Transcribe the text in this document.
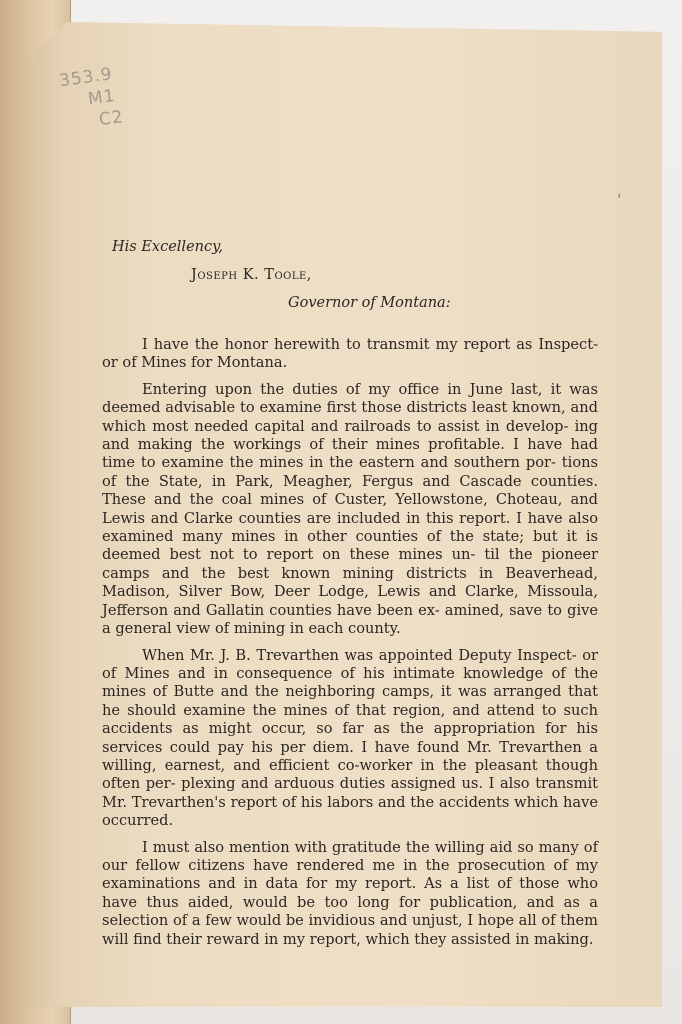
353.9
M1
C2
'
His Excellency,
Joseph K. Toole,
Governor of Montana:

I have the honor herewith to transmit my report as Inspect- or of Mines for Montana.

Entering upon the duties of my office in June last, it was deemed advisable to examine first those districts least known, and which most needed capital and railroads to assist in develop- ing and making the workings of their mines profitable. I have had time to examine the mines in the eastern and southern por- tions of the State, in Park, Meagher, Fergus and Cascade counties. These and the coal mines of Custer, Yellowstone, Choteau, and Lewis and Clarke counties are included in this report. I have also examined many mines in other counties of the state; but it is deemed best not to report on these mines un- til the pioneer camps and the best known mining districts in Beaverhead, Madison, Silver Bow, Deer Lodge, Lewis and Clarke, Missoula, Jefferson and Gallatin counties have been ex- amined, save to give a general view of mining in each county.

When Mr. J. B. Trevarthen was appointed Deputy Inspect- or of Mines and in consequence of his intimate knowledge of the mines of Butte and the neighboring camps, it was arranged that he should examine the mines of that region, and attend to such accidents as might occur, so far as the appropriation for his services could pay his per diem. I have found Mr. Trevarthen a willing, earnest, and efficient co-worker in the pleasant though often per- plexing and arduous duties assigned us. I also transmit Mr. Trevarthen's report of his labors and the accidents which have occurred.

I must also mention with gratitude the willing aid so many of our fellow citizens have rendered me in the prosecution of my examinations and in data for my report. As a list of those who have thus aided, would be too long for publication, and as a selection of a few would be invidious and unjust, I hope all of them will find their reward in my report, which they assisted in making.
